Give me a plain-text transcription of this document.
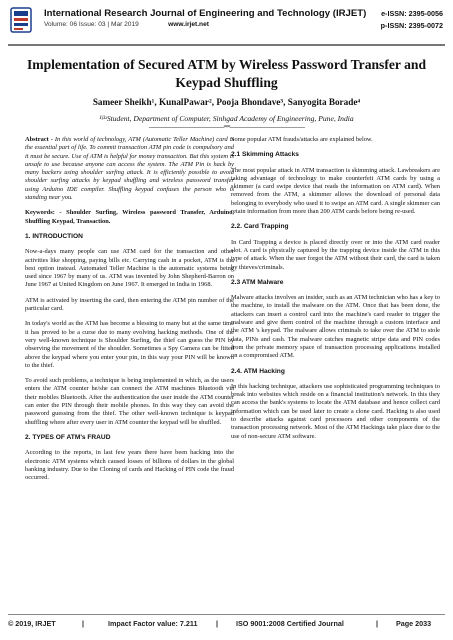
International Research Journal of Engineering and Technology (IRJET)
Volume: 06 Issue: 03 | Mar 2019	www.irjet.net
e-ISSN: 2395-0056
p-ISSN: 2395-0072
Implementation of Secured ATM by Wireless Password Transfer and Keypad Shuffling
Sameer Sheikh¹, KunalPawar², Pooja Bhondave³, Sanyogita Borade⁴
¹ʲ³ʴStudent, Department of Computer, Sinhgad Academy of Engineering, Pune, India
---------------------------------------------------------------------------***---------------------------------------------------------------------------

Abstract - In this world of technology, ATM (Automatic Teller Machine) card is the essential part of life. To commit transaction ATM pin code is compulsory and it must be secure. Use of ATM is helpful for money transaction. But this system is unsafe to use because anyone can access the system. The ATM Pin is hack by many hackers using shoulder surfing attack. It is efficiently possible to avoid shoulder surfing attacks by keypad shuffling and wireless password transfer using Arduino IDE compiler. Shuffling keypad confuses the person who is standing near you.

Keywords: - Shoulder Surfing, Wireless password Transfer, Arduino, Shuffling Keypad, Transaction.

1. INTRODUCTION

Now-a-days many people can use ATM card for the transaction and other activities like shopping, paying bills etc. Carrying cash in a pocket, ATM is the best option instead. Automated Teller Machine is the automatic systems being used since 1967 by many of us. ATM was invented by John Shepherd-Barron on June 1967 at United Kingdom on June 1967. It emerged in India in 1968.

ATM is activated by inserting the card, then entering the ATM pin number of the particular card.

In today's world as the ATM has become a blessing to many but at the same time it has proved to be a curse due to many evolving hacking methods. One of the very well-known technique is Shoulder Surfing, the thief can guess the PIN by observing the movement of the shoulder. Sometimes a Spy Camera can be fitted above the keypad where you enter your pin, in this way your PIN will be known to the thief.

To avoid such problems, a technique is being implemented in which, as the users enters the ATM counter he/she can connect the ATM machines Bluetooth via their mobiles Bluetooth. After the authentication the user inside the ATM counter can enter the PIN through their mobile phones. In this way they can avoid the password guessing from the thief. The other well-known technique is keypad shuffling where after every user in ATM counter the keypad will be shuffled.

2. TYPES OF ATM's FRAUD

According to the reports, in last few years there have been hacking into the electronic ATM systems which caused losses of billions of dollars in the global banking industry. Due to the Cloning of cards and Hacking of PIN code the fraud occurred.

Some popular ATM frauds/attacks are explained below.

2.1 Skimming Attacks

The most popular attack in ATM transaction is skimming attack. Lawbreakers are taking advantage of technology to make counterfeit ATM cards by using a skimmer (a card swipe device that reads the information on ATM card). When removed from the ATM, a skimmer allows the download of personal data belonging to everybody who used it to swipe an ATM card. A single skimmer can retain information from more than 200 ATM cards before being re-used.

2.2. Card Trapping

In Card Trapping a device is placed directly over or into the ATM card reader slot. A card is physically captured by the trapping device inside the ATM in this type of attack. When the user forgot the ATM without their card, the card is taken by thieves/criminals.

2.3 ATM Malware

Malware attacks involves an insider, such as an ATM technician who has a key to the machine, to install the malware on the ATM. Once that has been done, the attackers can insert a control card into the machine's card reader to trigger the malware and give them control of the machine through a custom interface and the ATM 's keypad. The malware allows criminals to take over the ATM to stole data, PINs and cash. The malware catches magnetic stripe data and PIN codes from the private memory space of transaction processing applications installed on a compromised ATM.

2.4. ATM Hacking

In this hacking technique, attackers use sophisticated programming techniques to break into websites which reside on a financial institution's network. In this they can access the bank's systems to locate the ATM database and hence collect card information which can be used later to create a clone card. Hacking is also used to describe attacks against card processors and other components of the transaction processing network. Most of the ATM Hackings take place due to the use of non-secure ATM software.

© 2019, IRJET	|	Impact Factor value: 7.211	| ISO 9001:2008 Certified Journal	| Page 2033
